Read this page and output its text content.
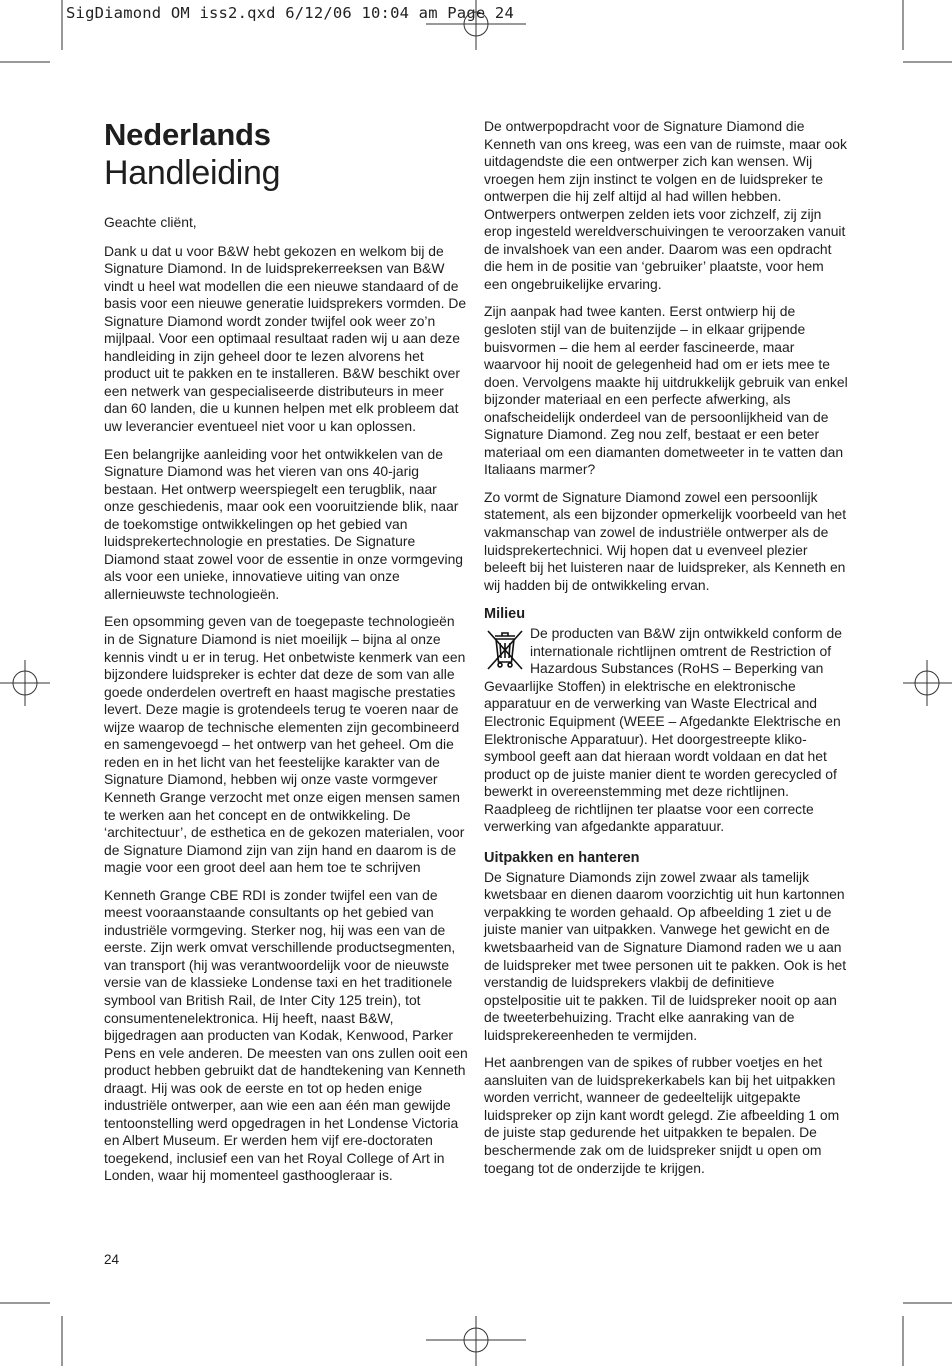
SigDiamond OM iss2.qxd 6/12/06 10:04 am Page 24
Nederlands
Handleiding

Geachte cliënt,

Dank u dat u voor B&W hebt gekozen en welkom bij de Signature Diamond. In de luidsprekerreeksen van B&W vindt u heel wat modellen die een nieuwe standaard of de basis voor een nieuwe generatie luidsprekers vormden. De Signature Diamond wordt zonder twijfel ook weer zo’n mijlpaal. Voor een optimaal resultaat raden wij u aan deze handleiding in zijn geheel door te lezen alvorens het product uit te pakken en te installeren. B&W beschikt over een netwerk van gespecialiseerde distributeurs in meer dan 60 landen, die u kunnen helpen met elk probleem dat uw leverancier eventueel niet voor u kan oplossen.

Een belangrijke aanleiding voor het ontwikkelen van de Signature Diamond was het vieren van ons 40-jarig bestaan. Het ontwerp weerspiegelt een terugblik, naar onze geschiedenis, maar ook een vooruitziende blik, naar de toekomstige ontwikkelingen op het gebied van luidsprekertechnologie en prestaties. De Signature Diamond staat zowel voor de essentie in onze vormgeving als voor een unieke, innovatieve uiting van onze allernieuwste technologieën.

Een opsomming geven van de toegepaste technologieën in de Signature Diamond is niet moeilijk – bijna al onze kennis vindt u er in terug. Het onbetwiste kenmerk van een bijzondere luidspreker is echter dat deze de som van alle goede onderdelen overtreft en haast magische prestaties levert. Deze magie is grotendeels terug te voeren naar de wijze waarop de technische elementen zijn gecombineerd en samengevoegd – het ontwerp van het geheel. Om die reden en in het licht van het feestelijke karakter van de Signature Diamond, hebben wij onze vaste vormgever Kenneth Grange verzocht met onze eigen mensen samen te werken aan het concept en de ontwikkeling. De ‘architectuur’, de esthetica en de gekozen materialen, voor de Signature Diamond zijn van zijn hand en daarom is de magie voor een groot deel aan hem toe te schrijven

Kenneth Grange CBE RDI is zonder twijfel een van de meest vooraanstaande consultants op het gebied van industriële vormgeving. Sterker nog, hij was een van de eerste. Zijn werk omvat verschillende productsegmenten, van transport (hij was verantwoordelijk voor de nieuwste versie van de klassieke Londense taxi en het traditionele symbool van British Rail, de Inter City 125 trein), tot consumentenelektronica. Hij heeft, naast B&W, bijgedragen aan producten van Kodak, Kenwood, Parker Pens en vele anderen. De meesten van ons zullen ooit een product hebben gebruikt dat de handtekening van Kenneth draagt. Hij was ook de eerste en tot op heden enige industriële ontwerper, aan wie een aan één man gewijde tentoonstelling werd opgedragen in het Londense Victoria en Albert Museum. Er werden hem vijf ere-doctoraten toegekend, inclusief een van het Royal College of Art in Londen, waar hij momenteel gasthoogleraar is.

De ontwerpopdracht voor de Signature Diamond die Kenneth van ons kreeg, was een van de ruimste, maar ook uitdagendste die een ontwerper zich kan wensen. Wij vroegen hem zijn instinct te volgen en de luidspreker te ontwerpen die hij zelf altijd al had willen hebben. Ontwerpers ontwerpen zelden iets voor zichzelf, zij zijn erop ingesteld wereldverschuivingen te veroorzaken vanuit de invalshoek van een ander. Daarom was een opdracht die hem in de positie van ‘gebruiker’ plaatste, voor hem een ongebruikelijke ervaring.

Zijn aanpak had twee kanten. Eerst ontwierp hij de gesloten stijl van de buitenzijde – in elkaar grijpende buisvormen – die hem al eerder fascineerde, maar waarvoor hij nooit de gelegenheid had om er iets mee te doen. Vervolgens maakte hij uitdrukkelijk gebruik van enkel bijzonder materiaal en een perfecte afwerking, als onafscheidelijk onderdeel van de persoonlijkheid van de Signature Diamond. Zeg nou zelf, bestaat er een beter materiaal om een diamanten dometweeter in te vatten dan Italiaans marmer?

Zo vormt de Signature Diamond zowel een persoonlijk statement, als een bijzonder opmerkelijk voorbeeld van het vakmanschap van zowel de industriële ontwerper als de luidsprekertechnici. Wij hopen dat u evenveel plezier beleeft bij het luisteren naar de luidspreker, als Kenneth en wij hadden bij de ontwikkeling ervan.

Milieu

De producten van B&W zijn ontwikkeld conform de internationale richtlijnen omtrent de Restriction of Hazardous Substances (RoHS – Beperking van Gevaarlijke Stoffen) in elektrische en elektronische apparatuur en de verwerking van Waste Electrical and Electronic Equipment (WEEE – Afgedankte Elektrische en Elektronische Apparatuur). Het doorgestreepte kliko-symbool geeft aan dat hieraan wordt voldaan en dat het product op de juiste manier dient te worden gerecycled of bewerkt in overeenstemming met deze richtlijnen. Raadpleeg de richtlijnen ter plaatse voor een correcte verwerking van afgedankte apparatuur.

Uitpakken en hanteren

De Signature Diamonds zijn zowel zwaar als tamelijk kwetsbaar en dienen daarom voorzichtig uit hun kartonnen verpakking te worden gehaald. Op afbeelding 1 ziet u de juiste manier van uitpakken. Vanwege het gewicht en de kwetsbaarheid van de Signature Diamond raden we u aan de luidspreker met twee personen uit te pakken. Ook is het verstandig de luidsprekers vlakbij de definitieve opstelpositie uit te pakken. Til de luidspreker nooit op aan de tweeterbehuizing. Tracht elke aanraking van de luidsprekereenheden te vermijden.

Het aanbrengen van de spikes of rubber voetjes en het aansluiten van de luidsprekerkabels kan bij het uitpakken worden verricht, wanneer de gedeeltelijk uitgepakte luidspreker op zijn kant wordt gelegd. Zie afbeelding 1 om de juiste stap gedurende het uitpakken te bepalen. De beschermende zak om de luidspreker snijdt u open om toegang tot de onderzijde te krijgen.

24
